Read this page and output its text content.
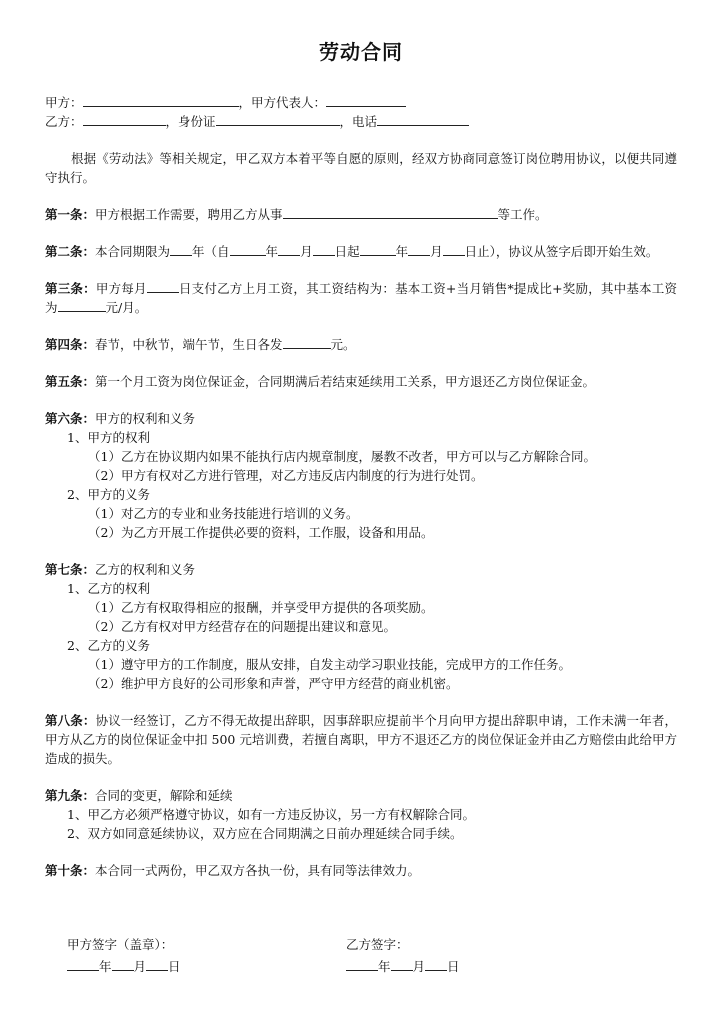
劳动合同
甲方：	，甲方代表人：
乙方：	，身份证	，电话
根据《劳动法》等相关规定，甲乙双方本着平等自愿的原则，经双方协商同意签订岗位聘用协议，以便共同遵守执行。
第一条：甲方根据工作需要，聘用乙方从事	等工作。
第二条：本合同期限为 年（自	年 月 日起	年 月 日止），协议从签字后即开始生效。
第三条：甲方每月	日支付乙方上月工资，其工资结构为：基本工资+当月销售*提成比+奖励，其中基本工资为	元/月。
第四条：春节，中秋节，端午节，生日各发	元。
第五条：第一个月工资为岗位保证金，合同期满后若结束延续用工关系，甲方退还乙方岗位保证金。
第六条：甲方的权利和义务
1、甲方的权利
（1）乙方在协议期内如果不能执行店内规章制度，屡教不改者，甲方可以与乙方解除合同。
（2）甲方有权对乙方进行管理，对乙方违反店内制度的行为进行处罚。
2、甲方的义务
（1）对乙方的专业和业务技能进行培训的义务。
（2）为乙方开展工作提供必要的资料，工作服，设备和用品。
第七条：乙方的权利和义务
1、乙方的权利
（1）乙方有权取得相应的报酬，并享受甲方提供的各项奖励。
（2）乙方有权对甲方经营存在的问题提出建议和意见。
2、乙方的义务
（1）遵守甲方的工作制度，服从安排，自发主动学习职业技能，完成甲方的工作任务。
（2）维护甲方良好的公司形象和声誉，严守甲方经营的商业机密。
第八条：协议一经签订，乙方不得无故提出辞职，因事辞职应提前半个月向甲方提出辞职申请，工作未满一年者，甲方从乙方的岗位保证金中扣 500 元培训费，若擅自离职，甲方不退还乙方的岗位保证金并由乙方赔偿由此给甲方造成的损失。
第九条：合同的变更，解除和延续
1、甲乙方必须严格遵守协议，如有一方违反协议，另一方有权解除合同。
2、双方如同意延续协议，双方应在合同期满之日前办理延续合同手续。
第十条：本合同一式两份，甲乙双方各执一份，具有同等法律效力。
甲方签字（盖章）：
年 月 日
乙方签字：
年 月 日
